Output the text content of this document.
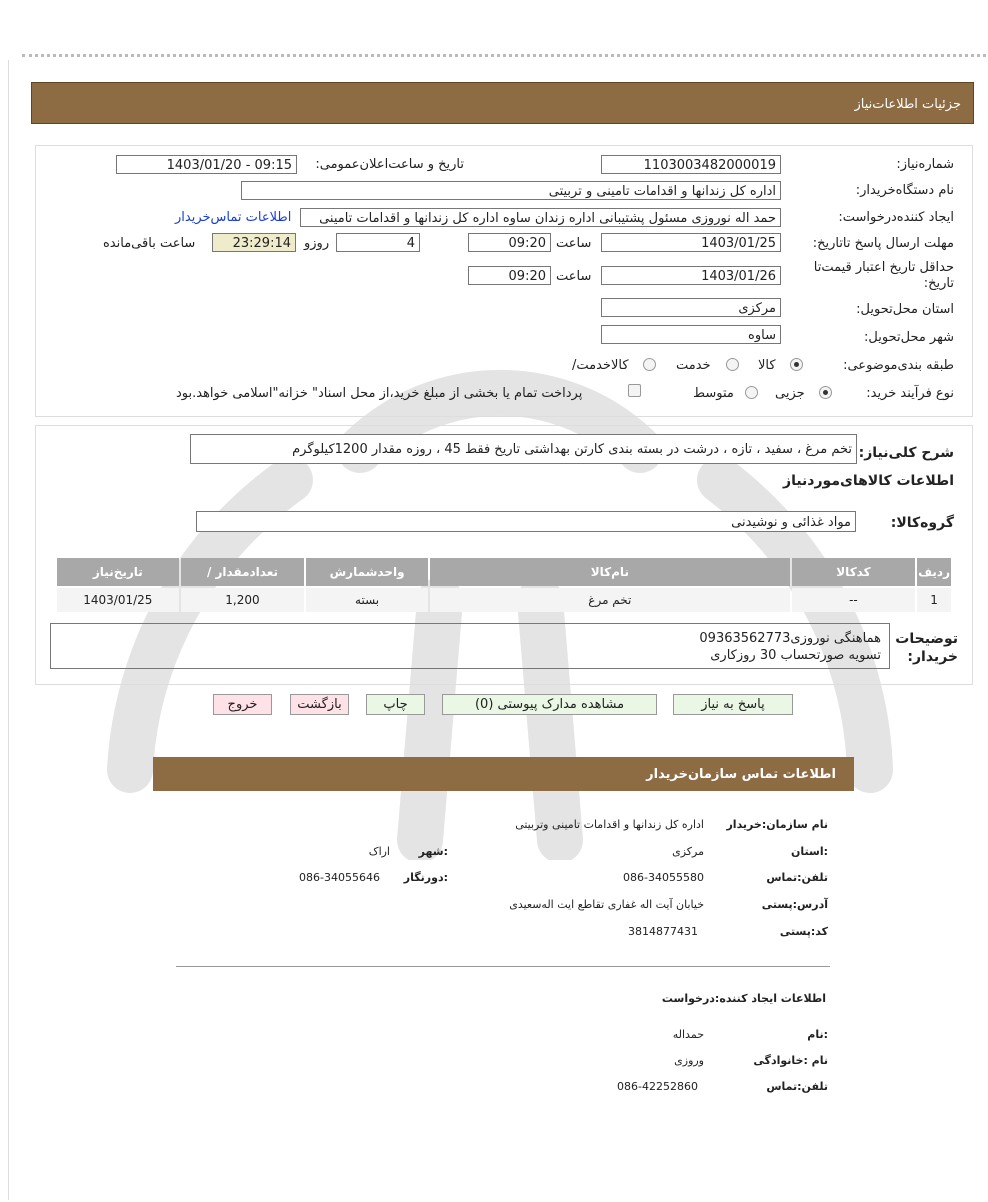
جزئیات اطلاعات‌نیاز
شماره‌نیاز:
1103003482000019
تاریخ و ساعت‌اعلان‌عمومی:
1403/01/20 - 09:15
نام دستگاه‌خریدار:
اداره کل زندانها و اقدامات تامینی و تربیتی
ایجاد کننده‌درخواست:
حمد اله نوروزی مسئول پشتیبانی اداره زندان ساوه اداره کل زندانها و اقدامات تامینی
اطلاعات تماس‌خریدار
مهلت ارسال پاسخ تا‌تاریخ:
1403/01/25
ساعت
09:20
4
روزو
23:29:14
ساعت باقی‌مانده
حداقل تاریخ اعتبار قیمت‌تا تاریخ:
1403/01/26
ساعت
09:20
استان محل‌تحویل:
مرکزی
شهر محل‌تحویل:
ساوه
طبقه بندی‌موضوعی:
کالا
خدمت
کالا‌خدمت/
نوع فرآیند خرید:
جزیی
متوسط
پرداخت تمام یا بخشی از مبلغ خرید،از محل اسناد" خزانه"اسلامی خواهد.بود
شرح کلی‌نیاز:
تخم مرغ ، سفید ، تازه ، درشت در بسته بندی کارتن بهداشتی تاریخ فقط 45 ، روزه مقدار 1200کیلوگرم
اطلاعات کالاهای‌موردنیاز
گروه‌کالا:
مواد غذائی و نوشیدنی
ردیف	کدکالا	نام‌کالا	واحدشمارش	تعداد‌مقدار /	تاریخ‌نیاز
1	--	تخم مرغ	بسته	1,200	1403/01/25
توضیحات خریدار:
هماهنگی نوروزی09363562773
تسویه صورتحساب 30 روزکاری
پاسخ به نیاز
مشاهده مدارک پیوستی (0)
چاپ
بازگشت
خروج
اطلاعات تماس سازمان‌خریدار
نام سازمان:خریدار
اداره کل زندانها و اقدامات تامینی وتربیتی
:استان
مرکزی
:شهر
اراک
تلفن:تماس
086-34055580
:دورنگار
086-34055646
آدرس:پستی
خیابان آیت اله غفاری تقاطع ایت اله‌سعیدی
کد:پستی
3814877431
اطلاعات ایجاد کننده‌:درخواست
:نام
حمداله
نام :خانوادگی
وروزی
تلفن:تماس
086-42252860
